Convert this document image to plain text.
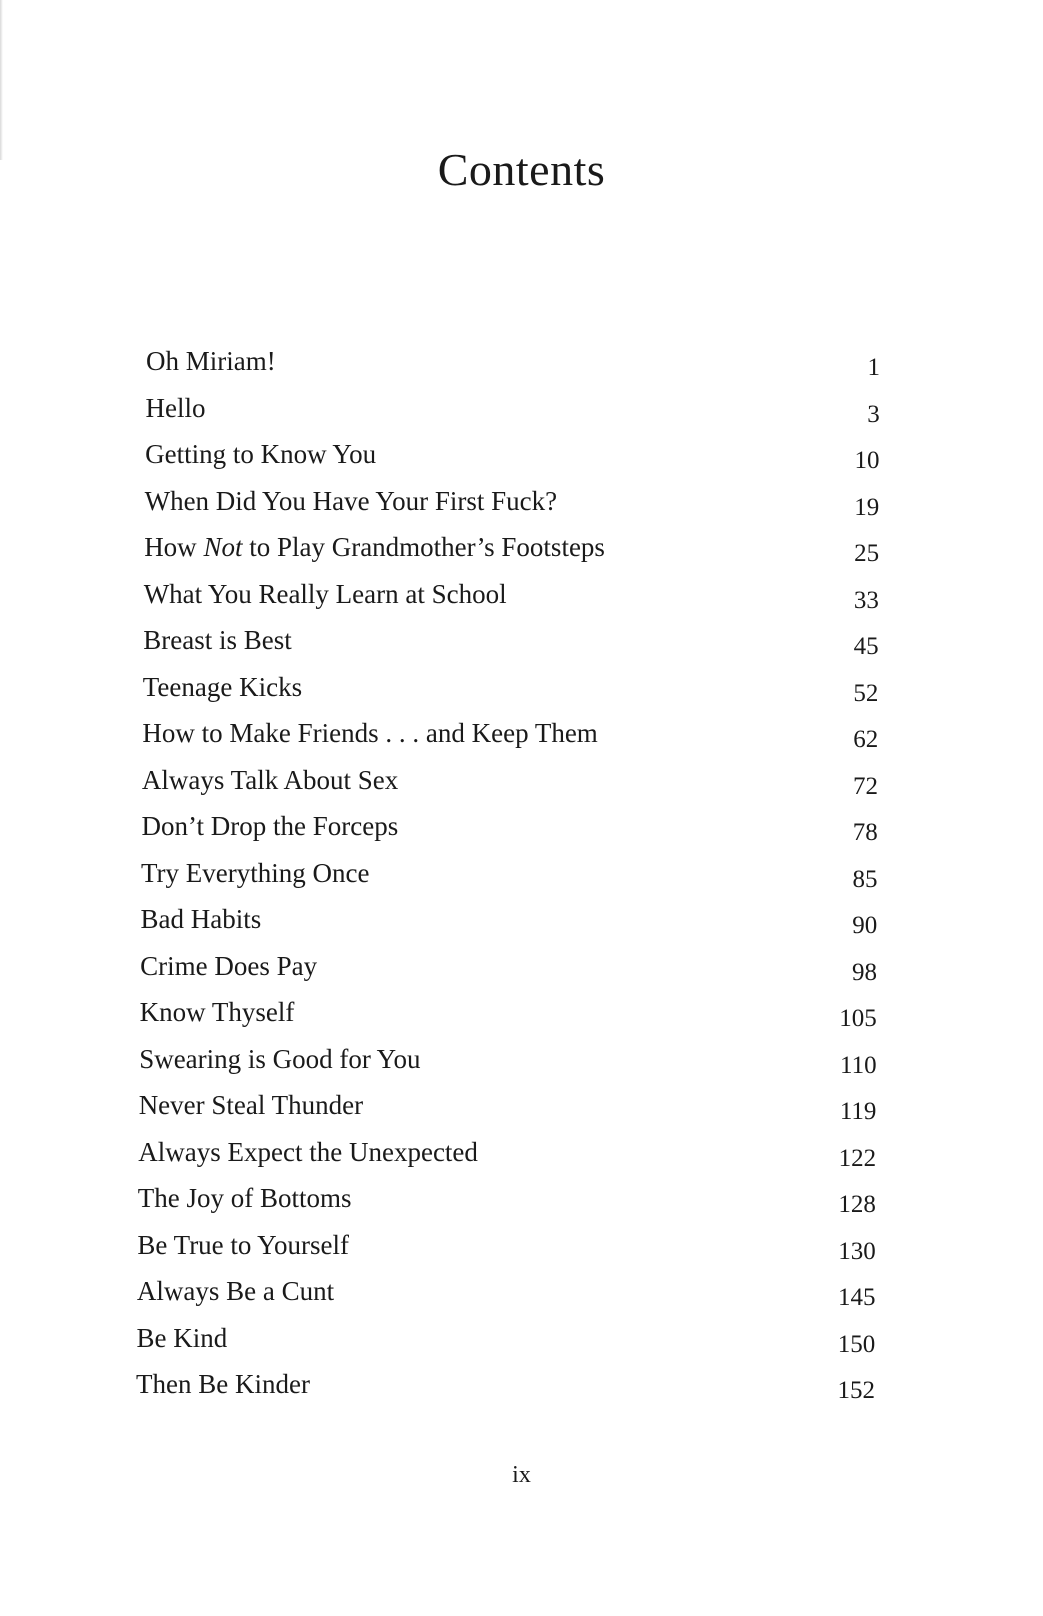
Contents
Oh Miriam!	1
Hello	3
Getting to Know You	10
When Did You Have Your First Fuck?	19
How Not to Play Grandmother’s Footsteps	25
What You Really Learn at School	33
Breast is Best	45
Teenage Kicks	52
How to Make Friends . . . and Keep Them	62
Always Talk About Sex	72
Don’t Drop the Forceps	78
Try Everything Once	85
Bad Habits	90
Crime Does Pay	98
Know Thyself	105
Swearing is Good for You	110
Never Steal Thunder	119
Always Expect the Unexpected	122
The Joy of Bottoms	128
Be True to Yourself	130
Always Be a Cunt	145
Be Kind	150
Then Be Kinder	152
ix
